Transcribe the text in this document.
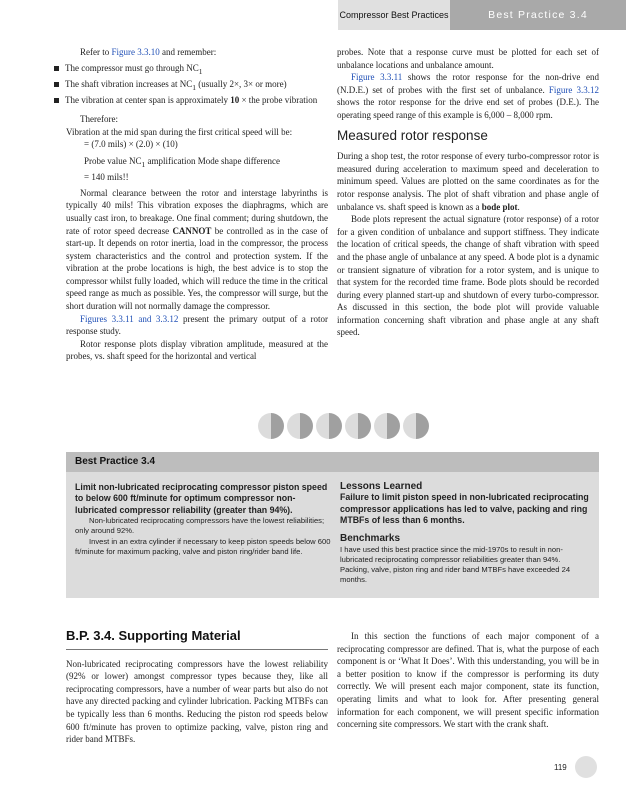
Compressor Best Practices	Best Practice 3.4

Refer to Figure 3.3.10 and remember:

The compressor must go through $NC_1$
The shaft vibration increases at $NC_1$ (usually 2×, 3× or more)
The vibration at center span is approximately 10 × the probe vibration

Therefore:

Vibration at the mid span during the first critical speed will be:

= (7.0 mils) × (2.0) × (10)

Probe value $NC_1$ amplification Mode shape difference

= 140 mils!!

Normal clearance between the rotor and interstage labyrinths is typically 40 mils! This vibration exposes the diaphragms, which are usually cast iron, to breakage. One final comment; during shutdown, the rate of rotor speed decrease CANNOT be controlled as in the case of start-up. It depends on rotor inertia, load in the compressor, the process system characteristics and the control and protection system. If the vibration at the probe locations is high, the best advice is to stop the compressor whilst fully loaded, which will reduce the time in the critical speed range as much as possible. Yes, the compressor will surge, but the short duration will not normally damage the compressor.

Figures 3.3.11 and 3.3.12 present the primary output of a rotor response study.

Rotor response plots display vibration amplitude, measured at the probes, vs. shaft speed for the horizontal and vertical

probes. Note that a response curve must be plotted for each set of unbalance locations and unbalance amount.

Figure 3.3.11 shows the rotor response for the non-drive end (N.D.E.) set of probes with the first set of unbalance. Figure 3.3.12 shows the rotor response for the drive end set of probes (D.E.). The operating speed range of this example is 6,000 – 8,000 rpm.

Measured rotor response

During a shop test, the rotor response of every turbo-compressor rotor is measured during acceleration to maximum speed and deceleration to minimum speed. Values are plotted on the same coordinates as for the rotor response analysis. The plot of shaft vibration and phase angle of unbalance vs. shaft speed is known as a bode plot.

Bode plots represent the actual signature (rotor response) of a rotor for a given condition of unbalance and support stiffness. They indicate the location of critical speeds, the change of shaft vibration with speed and the phase angle of unbalance at any speed. A bode plot is a dynamic or transient signature of vibration for a rotor system, and is unique to that system for the recorded time frame. Bode plots should be recorded during every planned start-up and shutdown of every turbo-compressor. As discussed in this section, the bode plot will provide valuable information concerning shaft vibration and phase angle at any shaft speed.

Best Practice 3.4

Limit non-lubricated reciprocating compressor piston speed to below 600 ft/minute for optimum compressor non-lubricated compressor reliability (greater than 94%).

Non-lubricated reciprocating compressors have the lowest reliabilities; only around 92%.

Invest in an extra cylinder if necessary to keep piston speeds below 600 ft/minute for maximum packing, valve and piston ring/rider band life.

Lessons Learned

Failure to limit piston speed in non-lubricated reciprocating compressor applications has led to valve, packing and ring MTBFs of less than 6 months.

Benchmarks

I have used this best practice since the mid-1970s to result in non-lubricated reciprocating compressor reliabilities greater than 94%. Packing, valve, piston ring and rider band MTBFs have exceeded 24 months.

B.P. 3.4. Supporting Material

Non-lubricated reciprocating compressors have the lowest reliability (92% or lower) amongst compressor types because they, like all reciprocating compressors, have a number of wear parts but also do not have any directed packing and cylinder lubrication. Packing MTBFs can be typically less than 6 months. Reducing the piston rod speeds below 600 ft/minute has proven to optimize packing, valve, piston ring and rider band MTBFs.

In this section the functions of each major component of a reciprocating compressor are defined. That is, what the purpose of each component is or ‘What It Does’. With this understanding, you will be in a better position to know if the compressor is performing its duty correctly. We will present each major component, state its function, operating limits and what to look for. After presenting general information for each component, we will present specific information concerning site compressors. We start with the crank shaft.

119
